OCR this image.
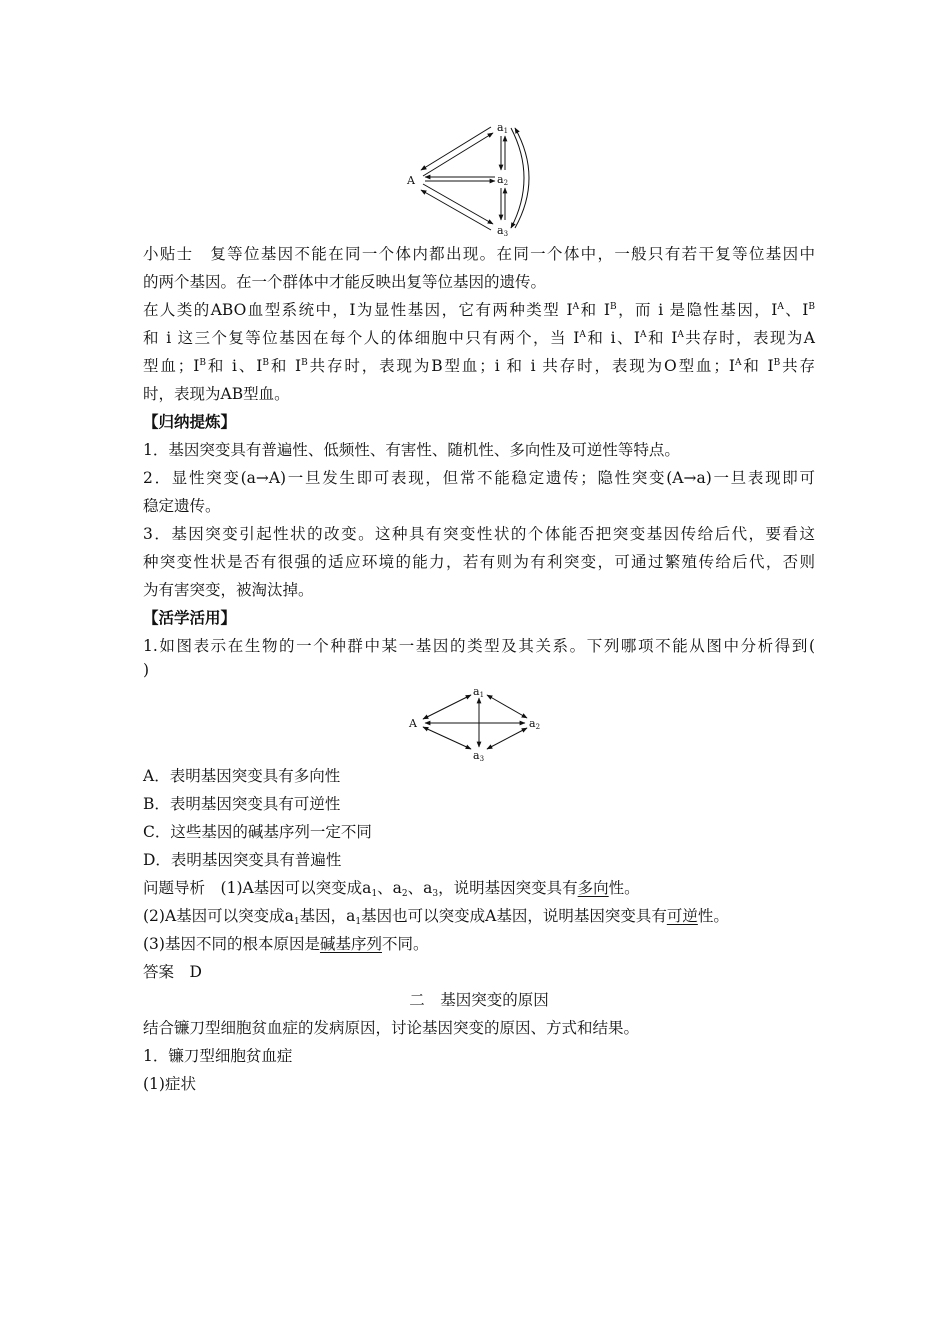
A
a1
a2
a3
小贴士　 复等位基因不能在同一个体内都出现。在同一个体中，一般只有若干复等位基因中
的两个基因。在一个群体中才能反映出复等位基因的遗传。
在人类的ABO血型系统中，I为显性基因，它有两种类型 $I^A$和 $I^B$，而 i 是隐性基因，$I^A$、$I^B$
和 i 这三个复等位基因在每个人的体细胞中只有两个，当 $I^A$和 i、$I^A$和 $I^A$共存时，表现为A
型血；$I^B$和 i、$I^B$和 $I^B$共存时，表现为B型血；i 和 i 共存时，表现为O型血；$I^A$和 $I^B$共存
时，表现为AB型血。
【归纳提炼】
1．基因突变具有普遍性、低频性、有害性、随机性、多向性及可逆性等特点。
2．显性突变(a→A)一旦发生即可表现，但常不能稳定遗传；隐性突变(A→a)一旦表现即可
稳定遗传。
3．基因突变引起性状的改变。这种具有突变性状的个体能否把突变基因传给后代，要看这
种突变性状是否有很强的适应环境的能力，若有则为有利突变，可通过繁殖传给后代，否则
为有害突变，被淘汰掉。
【活学活用】
1.如图表示在生物的一个种群中某一基因的类型及其关系。下列哪项不能从图中分析得到(
)
A
a1
a2
a3
A．表明基因突变具有多向性
B．表明基因突变具有可逆性
C．这些基因的碱基序列一定不同
D．表明基因突变具有普遍性
问题导析　 (1)A基因可以突变成$a_1$、$a_2$、$a_3$，说明基因突变具有多向性。
(2)A基因可以突变成$a_1$基因，$a_1$基因也可以突变成A基因，说明基因突变具有可逆性。
(3)基因不同的根本原因是碱基序列不同。
答案　 D
二　基因突变的原因
结合镰刀型细胞贫血症的发病原因，讨论基因突变的原因、方式和结果。
1．镰刀型细胞贫血症
(1)症状
